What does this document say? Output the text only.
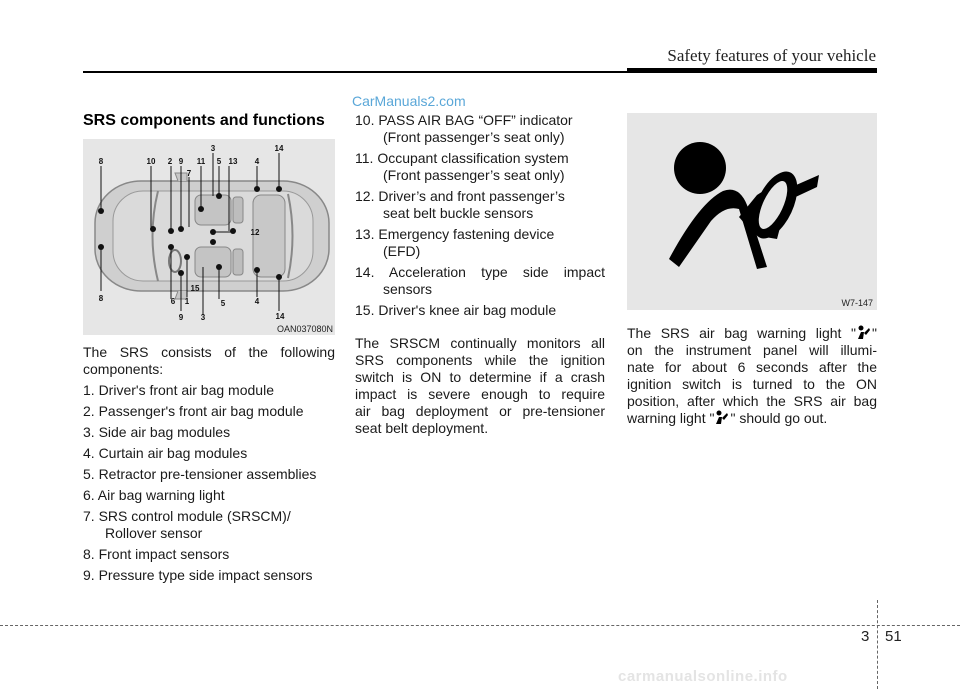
Safety features of your vehicle
CarManuals2.com
SRS components and functions
8	10 2 9 11
3
5 13 4
14
7
12
8	6
15
1	5	4
14
9 3
OAN037080N

The SRS consists of the following

components:

1. Driver's front air bag module

2. Passenger's front air bag module

3. Side air bag modules

4. Curtain air bag modules

5. Retractor pre-tensioner assemblies

6. Air bag warning light

7. SRS control module (SRSCM)/

Rollover sensor

8. Front impact sensors

9. Pressure type side impact sensors

10. PASS AIR BAG “OFF” indicator

(Front passenger’s seat only)

11. Occupant classification system

(Front passenger’s seat only)

12. Driver’s and front passenger’s

seat belt buckle sensors

13. Emergency fastening device

(EFD)

14. Acceleration type side impact

sensors

15. Driver's knee air bag module

The SRSCM continually monitors all

SRS components while the ignition

switch is ON to determine if a crash

impact is severe enough to require

air bag deployment or pre-tensioner

seat belt deployment.

W7-147

The SRS air bag warning light " "

on the instrument panel will illumi-

nate for about 6 seconds after the

ignition switch is turned to the ON

position, after which the SRS air bag

warning light " " should go out.

3 51
carmanualsonline.info
